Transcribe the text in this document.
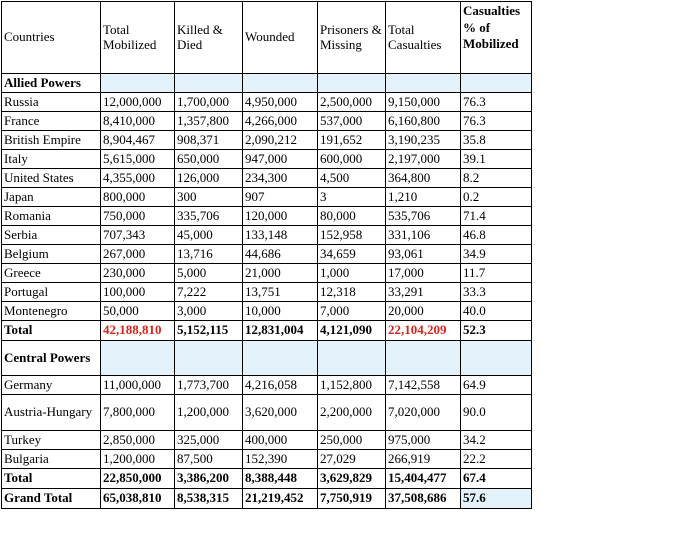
Countries	Total Mobilized	Killed & Died	Wounded	Prisoners & Missing	Total Casualties	Casualties % of Mobilized
Allied Powers						
Russia	12,000,000	1,700,000	4,950,000	2,500,000	9,150,000	76.3
France	8,410,000	1,357,800	4,266,000	537,000	6,160,800	76.3
British Empire	8,904,467	908,371	2,090,212	191,652	3,190,235	35.8
Italy	5,615,000	650,000	947,000	600,000	2,197,000	39.1
United States	4,355,000	126,000	234,300	4,500	364,800	8.2
Japan	800,000	300	907	3	1,210	0.2
Romania	750,000	335,706	120,000	80,000	535,706	71.4
Serbia	707,343	45,000	133,148	152,958	331,106	46.8
Belgium	267,000	13,716	44,686	34,659	93,061	34.9
Greece	230,000	5,000	21,000	1,000	17,000	11.7
Portugal	100,000	7,222	13,751	12,318	33,291	33.3
Montenegro	50,000	3,000	10,000	7,000	20,000	40.0
Total	42,188,810	5,152,115	12,831,004	4,121,090	22,104,209	52.3
Central Powers						
Germany	11,000,000	1,773,700	4,216,058	1,152,800	7,142,558	64.9
Austria-Hungary	7,800,000	1,200,000	3,620,000	2,200,000	7,020,000	90.0
Turkey	2,850,000	325,000	400,000	250,000	975,000	34.2
Bulgaria	1,200,000	87,500	152,390	27,029	266,919	22.2
Total	22,850,000	3,386,200	8,388,448	3,629,829	15,404,477	67.4
Grand Total	65,038,810	8,538,315	21,219,452	7,750,919	37,508,686	57.6
